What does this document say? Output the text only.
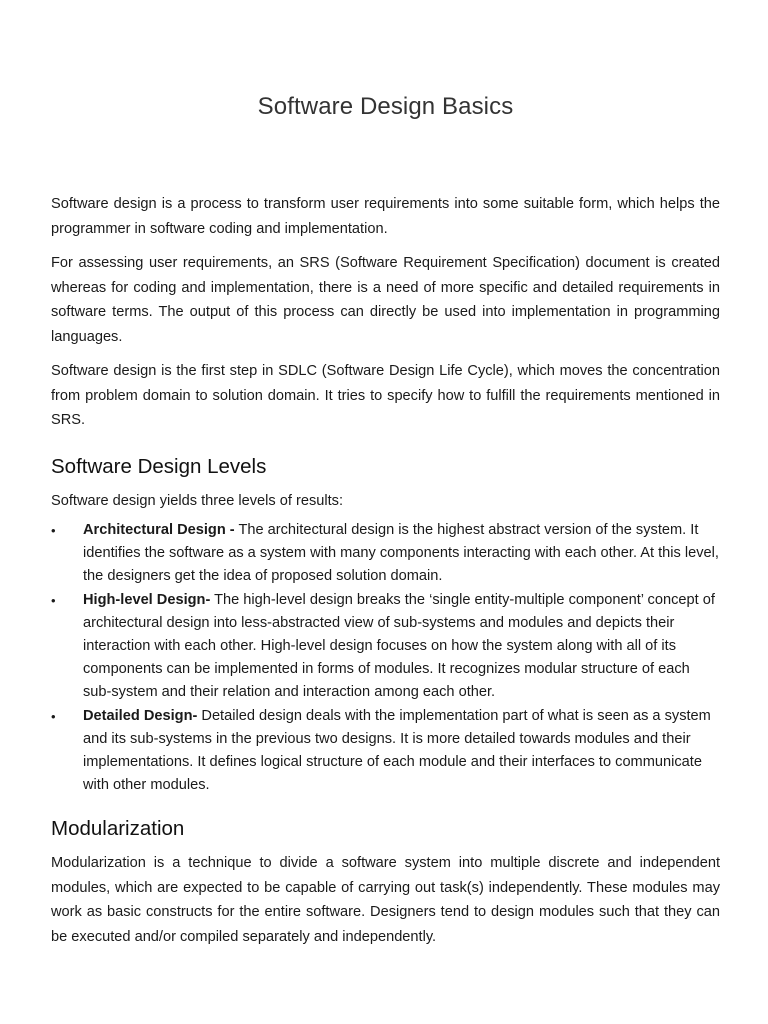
Software Design Basics

Software design is a process to transform user requirements into some suitable form, which helps the programmer in software coding and implementation.

For assessing user requirements, an SRS (Software Requirement Specification) document is created whereas for coding and implementation, there is a need of more specific and detailed requirements in software terms. The output of this process can directly be used into implementation in programming languages.

Software design is the first step in SDLC (Software Design Life Cycle), which moves the concentration from problem domain to solution domain. It tries to specify how to fulfill the requirements mentioned in SRS.

Software Design Levels

Software design yields three levels of results:

•	Architectural Design - The architectural design is the highest abstract version of the system. It identifies the software as a system with many components interacting with each other. At this level, the designers get the idea of proposed solution domain.
•	High-level Design- The high-level design breaks the ‘single entity-multiple component’ concept of architectural design into less-abstracted view of sub-systems and modules and depicts their interaction with each other. High-level design focuses on how the system along with all of its components can be implemented in forms of modules. It recognizes modular structure of each sub-system and their relation and interaction among each other.
•	Detailed Design- Detailed design deals with the implementation part of what is seen as a system and its sub-systems in the previous two designs. It is more detailed towards modules and their implementations. It defines logical structure of each module and their interfaces to communicate with other modules.
Modularization

Modularization is a technique to divide a software system into multiple discrete and independent modules, which are expected to be capable of carrying out task(s) independently. These modules may work as basic constructs for the entire software. Designers tend to design modules such that they can be executed and/or compiled separately and independently.
